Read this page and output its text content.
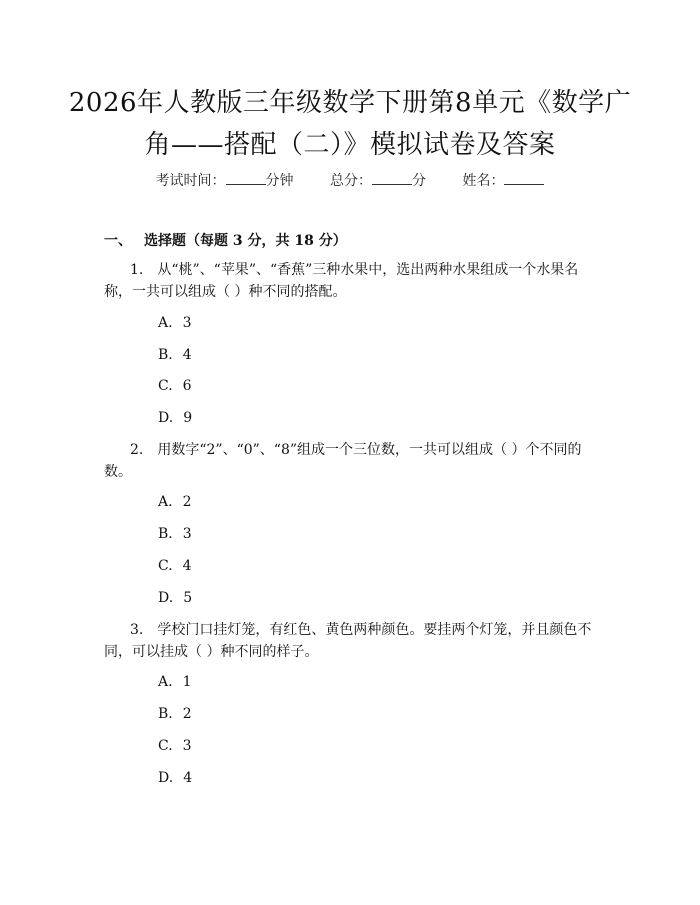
2026年人教版三年级数学下册第8单元《数学广角——搭配（二）》模拟试卷及答案
考试时间：	分钟	总分：	分	姓名：
一、 选择题（每题 3 分，共 18 分）
1. 从“桃”、“苹果”、“香蕉”三种水果中，选出两种水果组成一个水果名称，一共可以组成（ ）种不同的搭配。
A. 3
B. 4
C. 6
D. 9
2. 用数字“2”、“0”、“8”组成一个三位数，一共可以组成（ ）个不同的数。
A. 2
B. 3
C. 4
D. 5
3. 学校门口挂灯笼，有红色、黄色两种颜色。要挂两个灯笼，并且颜色不同，可以挂成（ ）种不同的样子。
A. 1
B. 2
C. 3
D. 4
